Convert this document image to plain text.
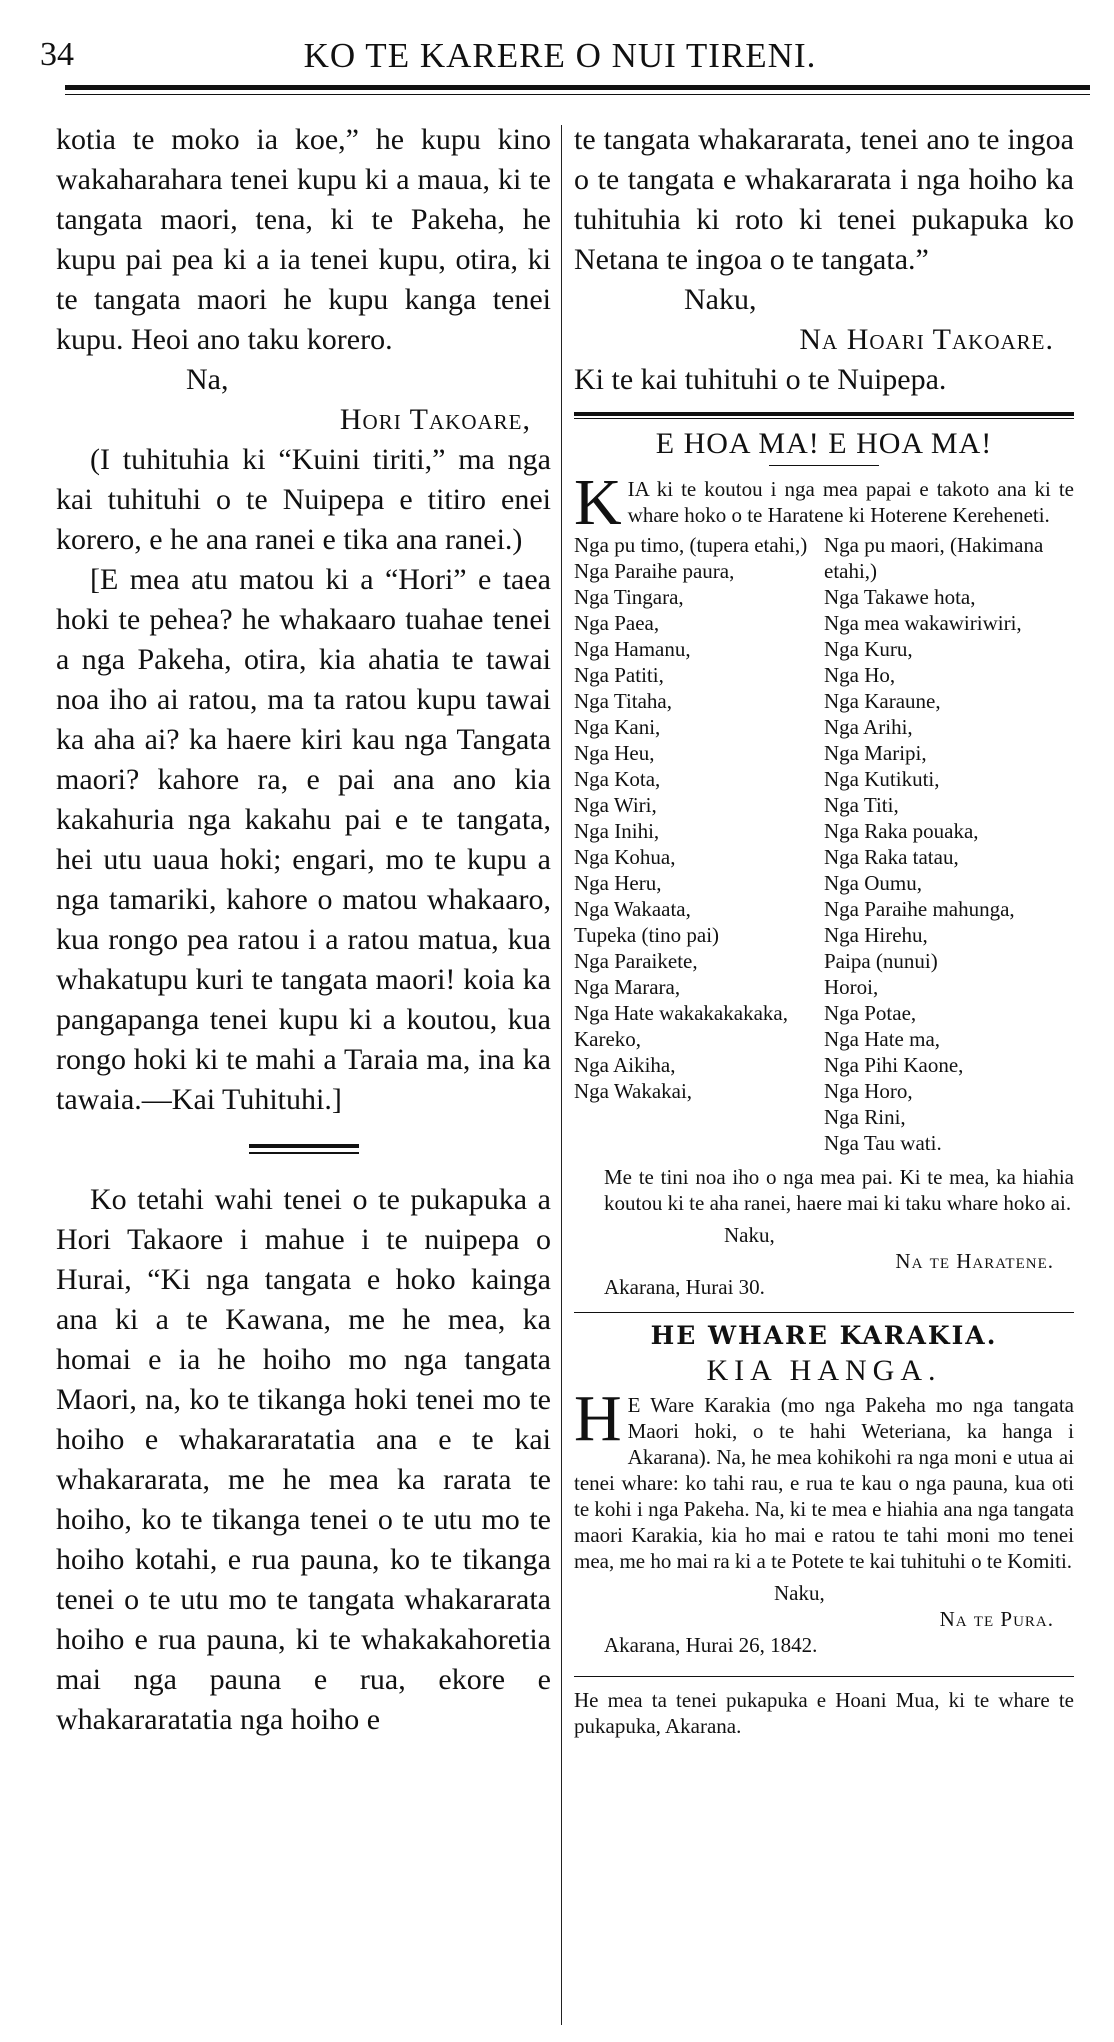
34	KO TE KARERE O NUI TIRENI.

kotia te moko ia koe,” he kupu kino wakaharahara tenei kupu ki a maua, ki te tangata maori, tena, ki te Pakeha, he kupu pai pea ki a ia tenei kupu, otira, ki te tangata maori he kupu kanga tenei kupu. Heoi ano taku korero.

Na,

Hori Takoare,

(I tuhituhia ki “Kuini tiriti,” ma nga kai tuhituhi o te Nuipepa e titiro enei korero, e he ana ranei e tika ana ranei.)

[E mea atu matou ki a “Hori” e taea hoki te pehea? he whakaaro tuahae tenei a nga Pakeha, otira, kia ahatia te tawai noa iho ai ratou, ma ta ratou kupu tawai ka aha ai? ka haere kiri kau nga Tangata maori? kahore ra, e pai ana ano kia kakahuria nga kakahu pai e te tangata, hei utu uaua hoki; engari, mo te kupu a nga tamariki, kahore o matou whakaaro, kua rongo pea ratou i a ratou matua, kua whakatupu kuri te tangata maori! koia ka pangapanga tenei kupu ki a koutou, kua rongo hoki ki te mahi a Taraia ma, ina ka tawaia.—Kai Tuhituhi.]

Ko tetahi wahi tenei o te pukapuka a Hori Takaore i mahue i te nuipepa o Hurai, “Ki nga tangata e hoko kainga ana ki a te Kawana, me he mea, ka homai e ia he hoiho mo nga tangata Maori, na, ko te tikanga hoki tenei mo te hoiho e whakararatatia ana e te kai whakararata, me he mea ka rarata te hoiho, ko te tikanga tenei o te utu mo te hoiho kotahi, e rua pauna, ko te tikanga tenei o te utu mo te tangata whakararata hoiho e rua pauna, ki te whakakahoretia mai nga pauna e rua, ekore e whakararatatia nga hoiho e

te tangata whakararata, tenei ano te ingoa o te tangata e whakararata i nga hoiho ka tuhituhia ki roto ki tenei pukapuka ko Netana te ingoa o te tangata.”

Naku,

Na Hoari Takoare.

Ki te kai tuhituhi o te Nuipepa.

E HOA MA! E HOA MA!

KIA ki te koutou i nga mea papai e takoto ana ki te whare hoko o te Haratene ki Hoterene Kereheneti.

Nga pu timo, (tupera etahi,)
Nga Paraihe paura,
Nga Tingara,
Nga Paea,
Nga Hamanu,
Nga Patiti,
Nga Titaha,
Nga Kani,
Nga Heu,
Nga Kota,
Nga Wiri,
Nga Inihi,
Nga Kohua,
Nga Heru,
Nga Wakaata,
Tupeka (tino pai)
Nga Paraikete,
Nga Marara,
Nga Hate wakakakakaka,
Kareko,
Nga Aikiha,
Nga Wakakai,
Nga pu maori, (Hakimana etahi,)
Nga Takawe hota,
Nga mea wakawiriwiri,
Nga Kuru,
Nga Ho,
Nga Karaune,
Nga Arihi,
Nga Maripi,
Nga Kutikuti,
Nga Titi,
Nga Raka pouaka,
Nga Raka tatau,
Nga Oumu,
Nga Paraihe mahunga,
Nga Hirehu,
Paipa (nunui)
Horoi,
Nga Potae,
Nga Hate ma,
Nga Pihi Kaone,
Nga Horo,
Nga Rini,
Nga Tau wati.

Me te tini noa iho o nga mea pai. Ki te mea, ka hiahia koutou ki te aha ranei, haere mai ki taku whare hoko ai.

Naku,

Na te Haratene.

Akarana, Hurai 30.

HE WHARE KARAKIA.
KIA HANGA.

H E Ware Karakia (mo nga Pakeha mo nga tangata Maori hoki, o te hahi Weteriana, ka hanga i Akarana). Na, he mea kohikohi ra nga moni e utua ai tenei whare: ko tahi rau, e rua te kau o nga pauna, kua oti te kohi i nga Pakeha. Na, ki te mea e hiahia ana nga tangata maori Karakia, kia ho mai e ratou te tahi moni mo tenei mea, me ho mai ra ki a te Potete te kai tuhituhi o te Komiti.

Naku,

Na te Pura.

Akarana, Hurai 26, 1842.

He mea ta tenei pukapuka e Hoani Mua, ki te whare te pukapuka, Akarana.
